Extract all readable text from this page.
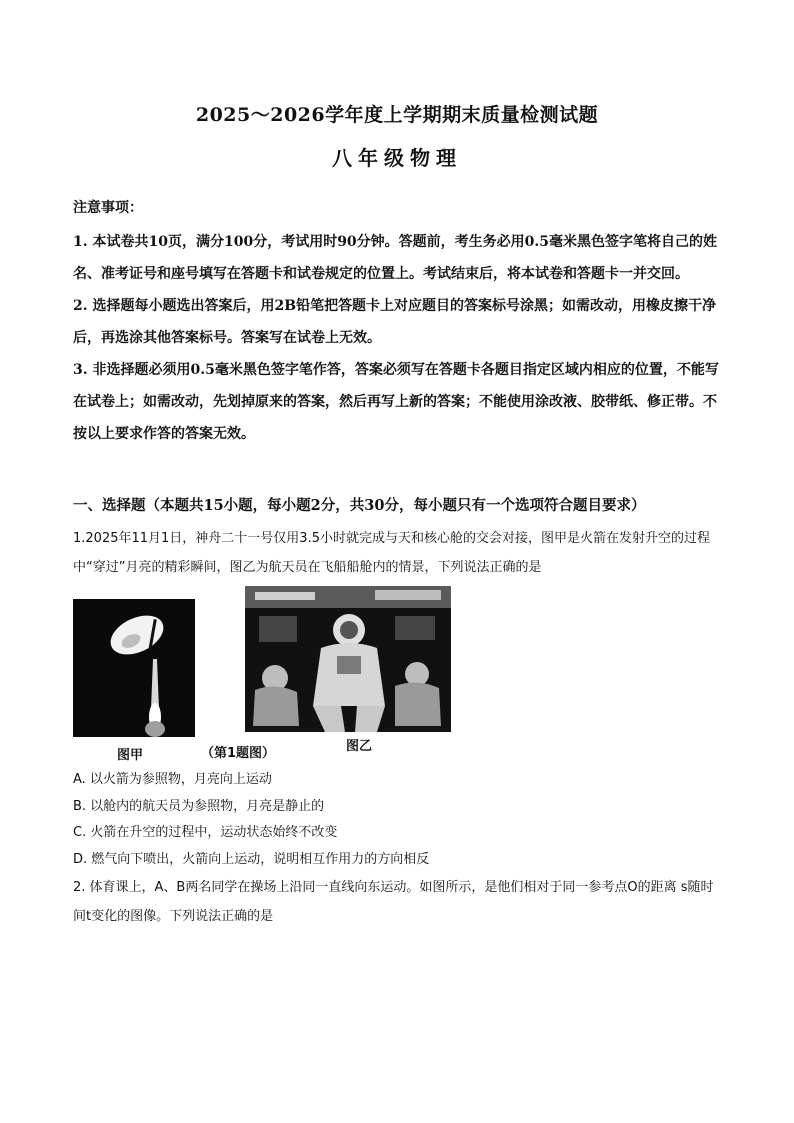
2025～2026学年度上学期期末质量检测试题
八年级物理
注意事项：

1. 本试卷共10页，满分100分，考试用时90分钟。答题前，考生务必用0.5毫米黑色签字笔将自己的姓名、准考证号和座号填写在答题卡和试卷规定的位置上。考试结束后，将本试卷和答题卡一并交回。

2. 选择题每小题选出答案后，用2B铅笔把答题卡上对应题目的答案标号涂黑；如需改动，用橡皮擦干净后，再选涂其他答案标号。答案写在试卷上无效。

3. 非选择题必须用0.5毫米黑色签字笔作答，答案必须写在答题卡各题目指定区域内相应的位置，不能写在试卷上；如需改动，先划掉原来的答案，然后再写上新的答案；不能使用涂改液、胶带纸、修正带。不按以上要求作答的答案无效。

一、选择题（本题共15小题，每小题2分，共30分，每小题只有一个选项符合题目要求）
1.2025年11月1日，神舟二十一号仅用3.5小时就完成与天和核心舱的交会对接，图甲是火箭在发射升空的过程中“穿过”月亮的精彩瞬间，图乙为航天员在飞船船舱内的情景，下列说法正确的是
图甲	（第1题图）	图乙

A. 以火箭为参照物，月亮向上运动

B. 以舱内的航天员为参照物，月亮是静止的

C. 火箭在升空的过程中，运动状态始终不改变

D. 燃气向下喷出，火箭向上运动，说明相互作用力的方向相反

2. 体育课上，A、B两名同学在操场上沿同一直线向东运动。如图所示，是他们相对于同一参考点O的距离 s随时间t变化的图像。下列说法正确的是
